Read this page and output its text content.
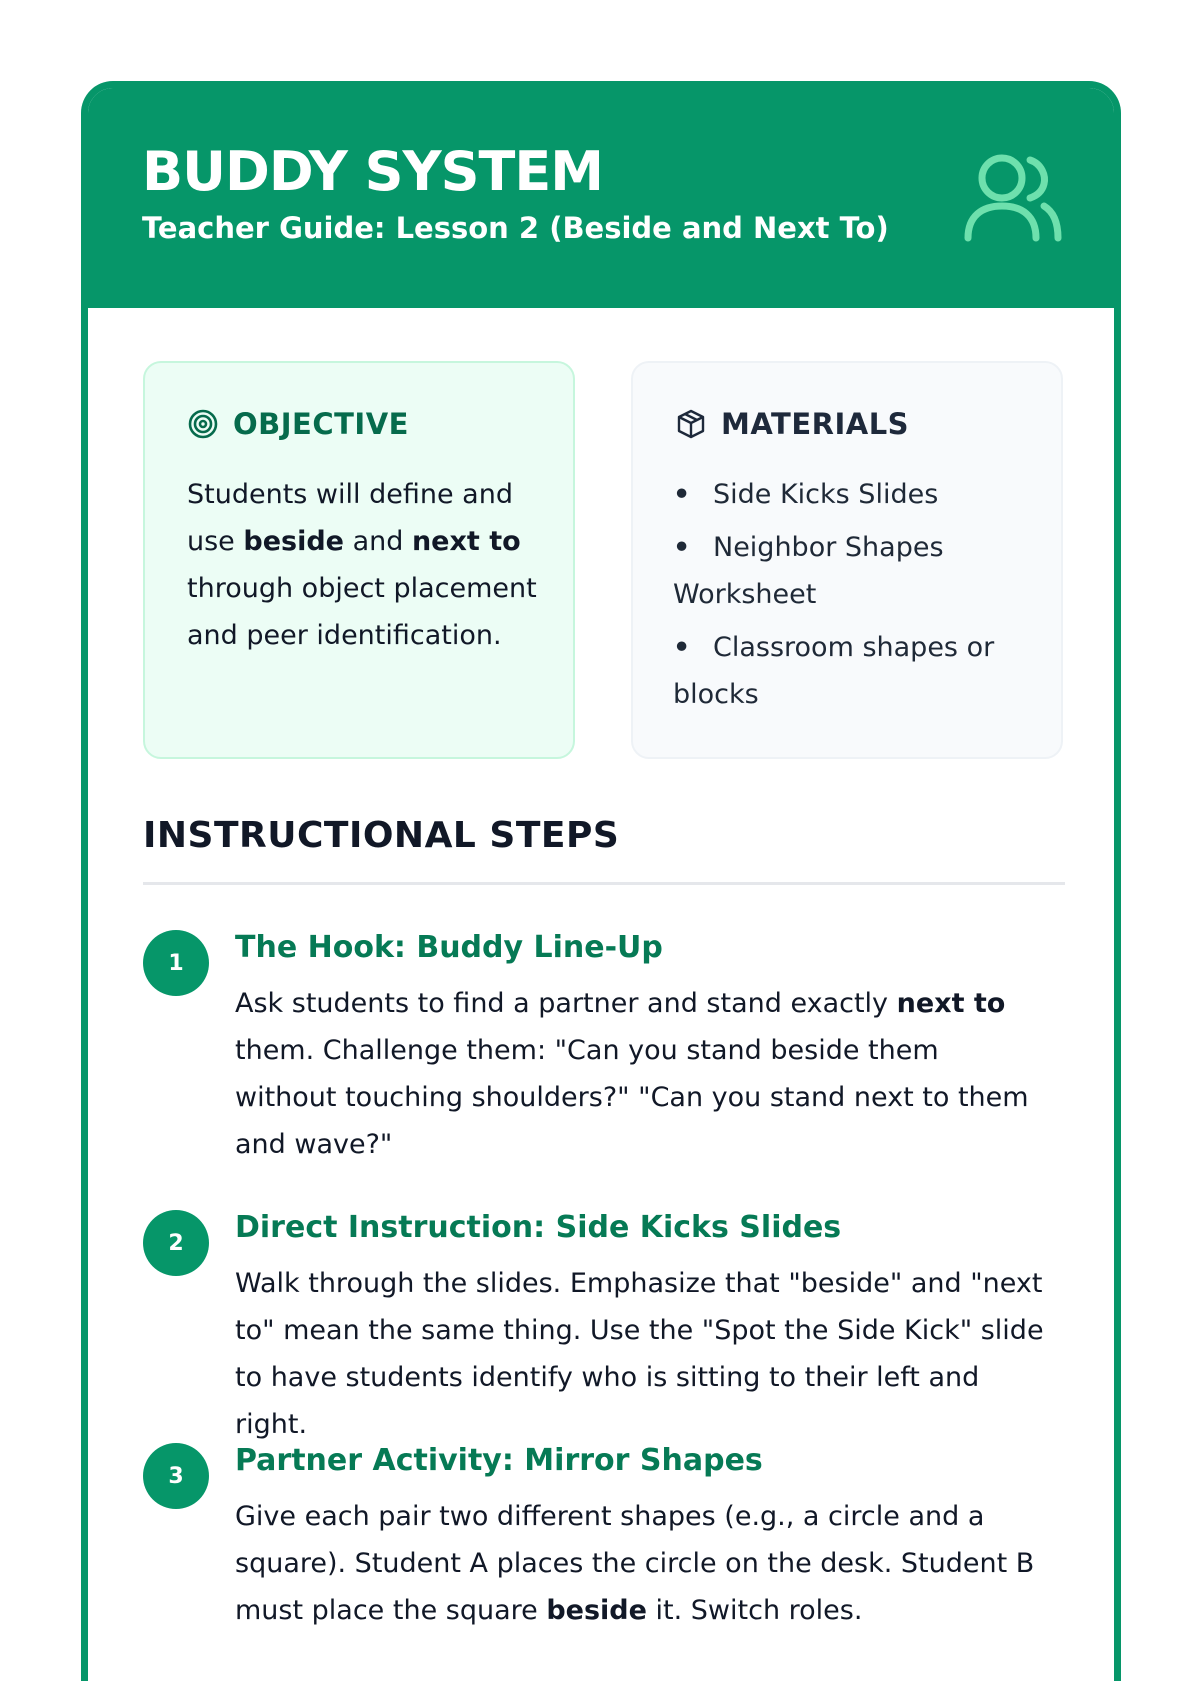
BUDDY SYSTEM
Teacher Guide: Lesson 2 (Beside and Next To)
OBJECTIVE
Students will define and use beside and next to through object placement and peer identification.
MATERIALS
• Side Kicks Slides
• Neighbor Shapes Worksheet
• Classroom shapes or blocks
INSTRUCTIONAL STEPS
1	The Hook: Buddy Line-Up
Ask students to find a partner and stand exactly next to them. Challenge them: "Can you stand beside them without touching shoulders?" "Can you stand next to them and wave?"
2	Direct Instruction: Side Kicks Slides
Walk through the slides. Emphasize that "beside" and "next to" mean the same thing. Use the "Spot the Side Kick" slide to have students identify who is sitting to their left and right.
3	Partner Activity: Mirror Shapes
Give each pair two different shapes (e.g., a circle and a square). Student A places the circle on the desk. Student B must place the square beside it. Switch roles.
